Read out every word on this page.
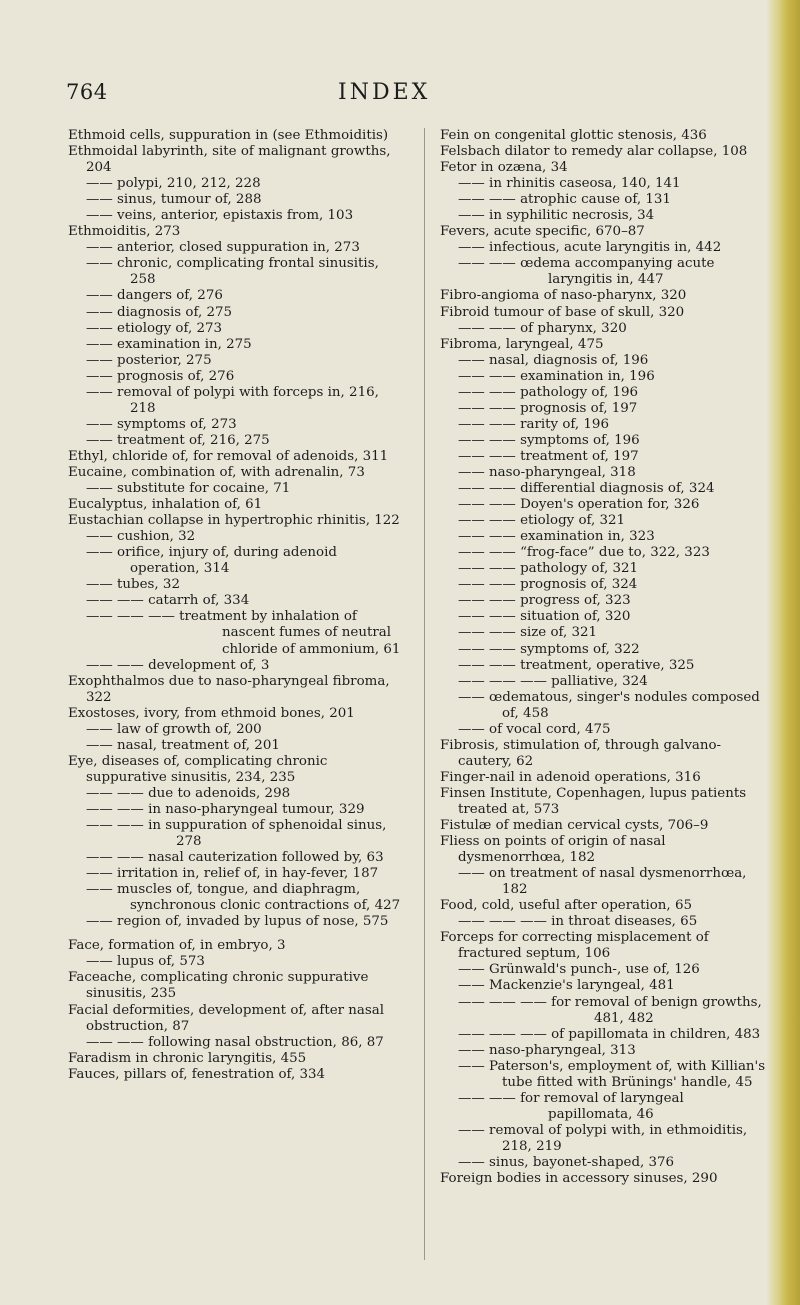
764	INDEX
Ethmoid cells, suppuration in (see Ethmoiditis)
Ethmoidal labyrinth, site of malignant growths, 204
—— polypi, 210, 212, 228
—— sinus, tumour of, 288
—— veins, anterior, epistaxis from, 103
Ethmoiditis, 273
—— anterior, closed suppuration in, 273
—— chronic, complicating frontal sinusitis, 258
—— dangers of, 276
—— diagnosis of, 275
—— etiology of, 273
—— examination in, 275
—— posterior, 275
—— prognosis of, 276
—— removal of polypi with forceps in, 216, 218
—— symptoms of, 273
—— treatment of, 216, 275
Ethyl, chloride of, for removal of adenoids, 311
Eucaine, combination of, with adrenalin, 73
—— substitute for cocaine, 71
Eucalyptus, inhalation of, 61
Eustachian collapse in hypertrophic rhinitis, 122
—— cushion, 32
—— orifice, injury of, during adenoid operation, 314
—— tubes, 32
—— —— catarrh of, 334
—— —— —— treatment by inhalation of nascent fumes of neutral chloride of ammonium, 61
—— —— development of, 3
Exophthalmos due to naso-pharyngeal fibroma, 322
Exostoses, ivory, from ethmoid bones, 201
—— law of growth of, 200
—— nasal, treatment of, 201
Eye, diseases of, complicating chronic suppurative sinusitis, 234, 235
—— —— due to adenoids, 298
—— —— in naso-pharyngeal tumour, 329
—— —— in suppuration of sphenoidal sinus, 278
—— —— nasal cauterization followed by, 63
—— irritation in, relief of, in hay-fever, 187
—— muscles of, tongue, and diaphragm, synchronous clonic contractions of, 427
—— region of, invaded by lupus of nose, 575
Face, formation of, in embryo, 3
—— lupus of, 573
Faceache, complicating chronic suppurative sinusitis, 235
Facial deformities, development of, after nasal obstruction, 87
—— —— following nasal obstruction, 86, 87
Faradism in chronic laryngitis, 455
Fauces, pillars of, fenestration of, 334
Fein on congenital glottic stenosis, 436
Felsbach dilator to remedy alar collapse, 108
Fetor in ozæna, 34
—— in rhinitis caseosa, 140, 141
—— —— atrophic cause of, 131
—— in syphilitic necrosis, 34
Fevers, acute specific, 670–87
—— infectious, acute laryngitis in, 442
—— —— œdema accompanying acute laryngitis in, 447
Fibro-angioma of naso-pharynx, 320
Fibroid tumour of base of skull, 320
—— —— of pharynx, 320
Fibroma, laryngeal, 475
—— nasal, diagnosis of, 196
—— —— examination in, 196
—— —— pathology of, 196
—— —— prognosis of, 197
—— —— rarity of, 196
—— —— symptoms of, 196
—— —— treatment of, 197
—— naso-pharyngeal, 318
—— —— differential diagnosis of, 324
—— —— Doyen's operation for, 326
—— —— etiology of, 321
—— —— examination in, 323
—— —— “frog-face” due to, 322, 323
—— —— pathology of, 321
—— —— prognosis of, 324
—— —— progress of, 323
—— —— situation of, 320
—— —— size of, 321
—— —— symptoms of, 322
—— —— treatment, operative, 325
—— —— —— palliative, 324
—— œdematous, singer's nodules composed of, 458
—— of vocal cord, 475
Fibrosis, stimulation of, through galvano-cautery, 62
Finger-nail in adenoid operations, 316
Finsen Institute, Copenhagen, lupus patients treated at, 573
Fistulæ of median cervical cysts, 706–9
Fliess on points of origin of nasal dysmenorrhœa, 182
—— on treatment of nasal dysmenorrhœa, 182
Food, cold, useful after operation, 65
—— —— —— in throat diseases, 65
Forceps for correcting misplacement of fractured septum, 106
—— Grünwald's punch-, use of, 126
—— Mackenzie's laryngeal, 481
—— —— —— for removal of benign growths, 481, 482
—— —— —— of papillomata in children, 483
—— naso-pharyngeal, 313
—— Paterson's, employment of, with Killian's tube fitted with Brünings' handle, 45
—— —— for removal of laryngeal papillomata, 46
—— removal of polypi with, in ethmoiditis, 218, 219
—— sinus, bayonet-shaped, 376
Foreign bodies in accessory sinuses, 290
